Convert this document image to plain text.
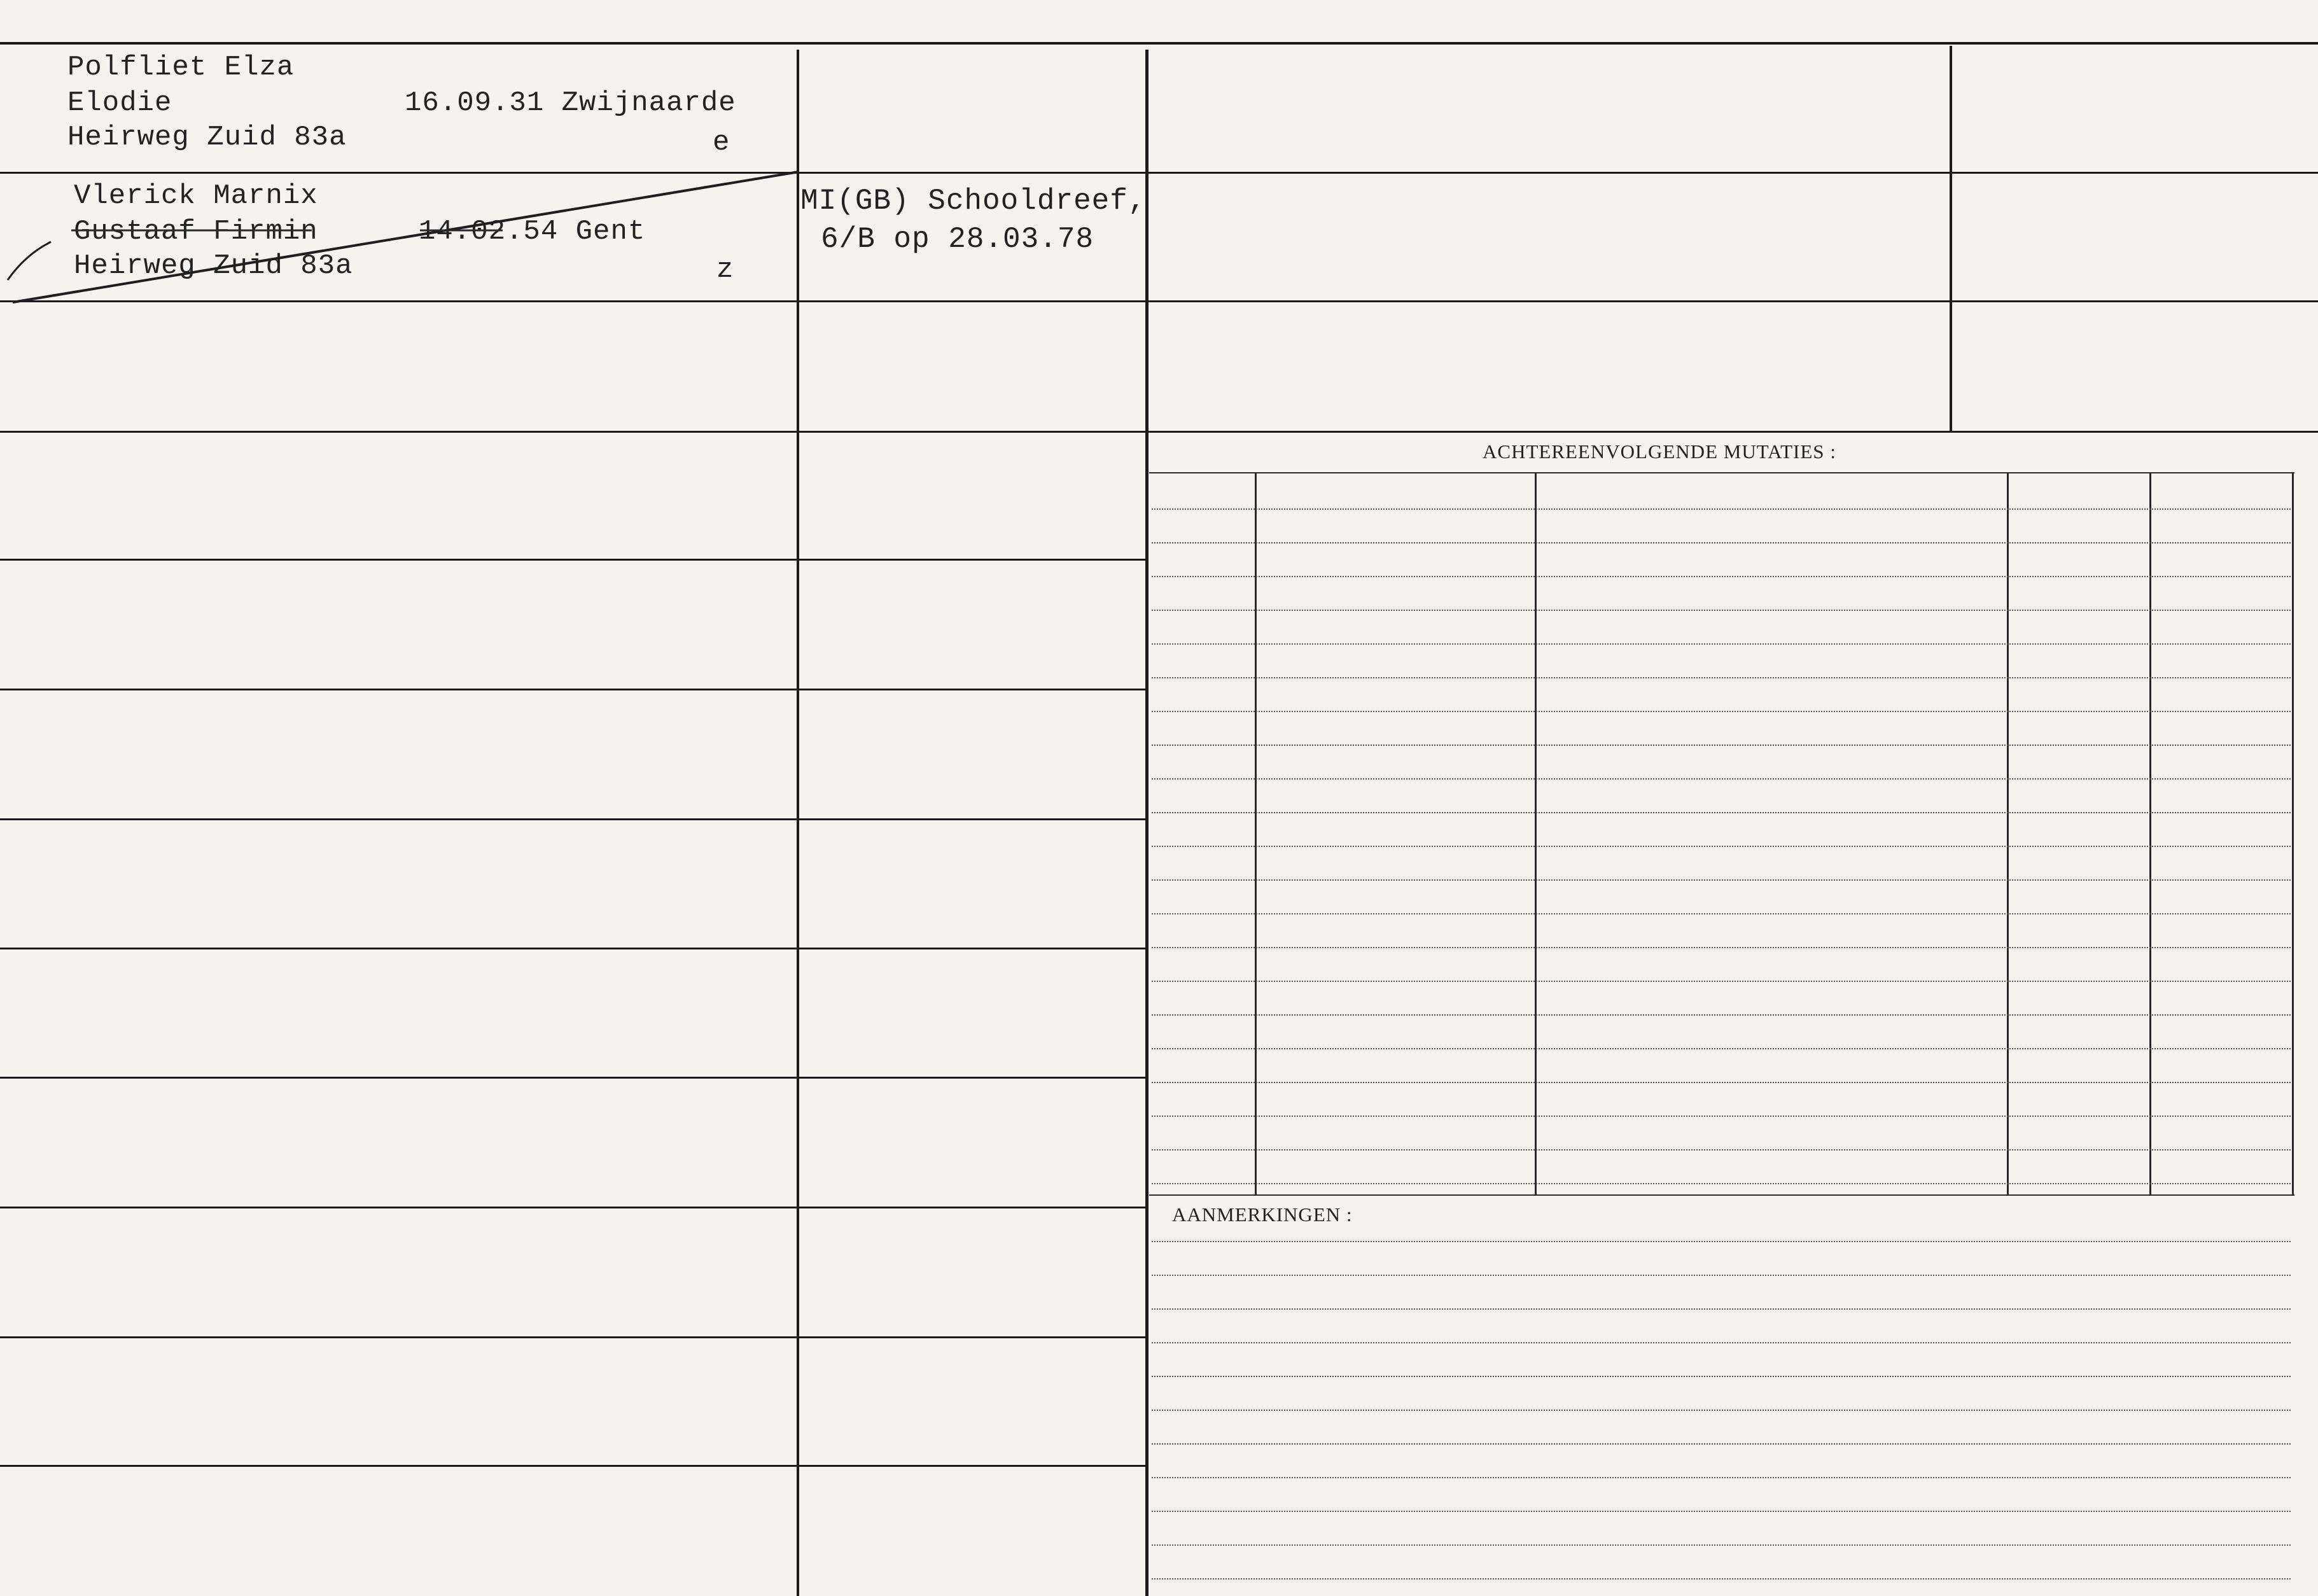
ACHTEREENVOLGENDE MUTATIES :
AANMERKINGEN :
Polfliet Elza
Elodie	16.09.31 Zwijnaarde
Heirweg Zuid 83a	e
Vlerick Marnix
Gustaaf Firmin	14.02.54 Gent
Heirweg Zuid 83a	z
MI(GB) Schooldreef,
6/B op 28.03.78
